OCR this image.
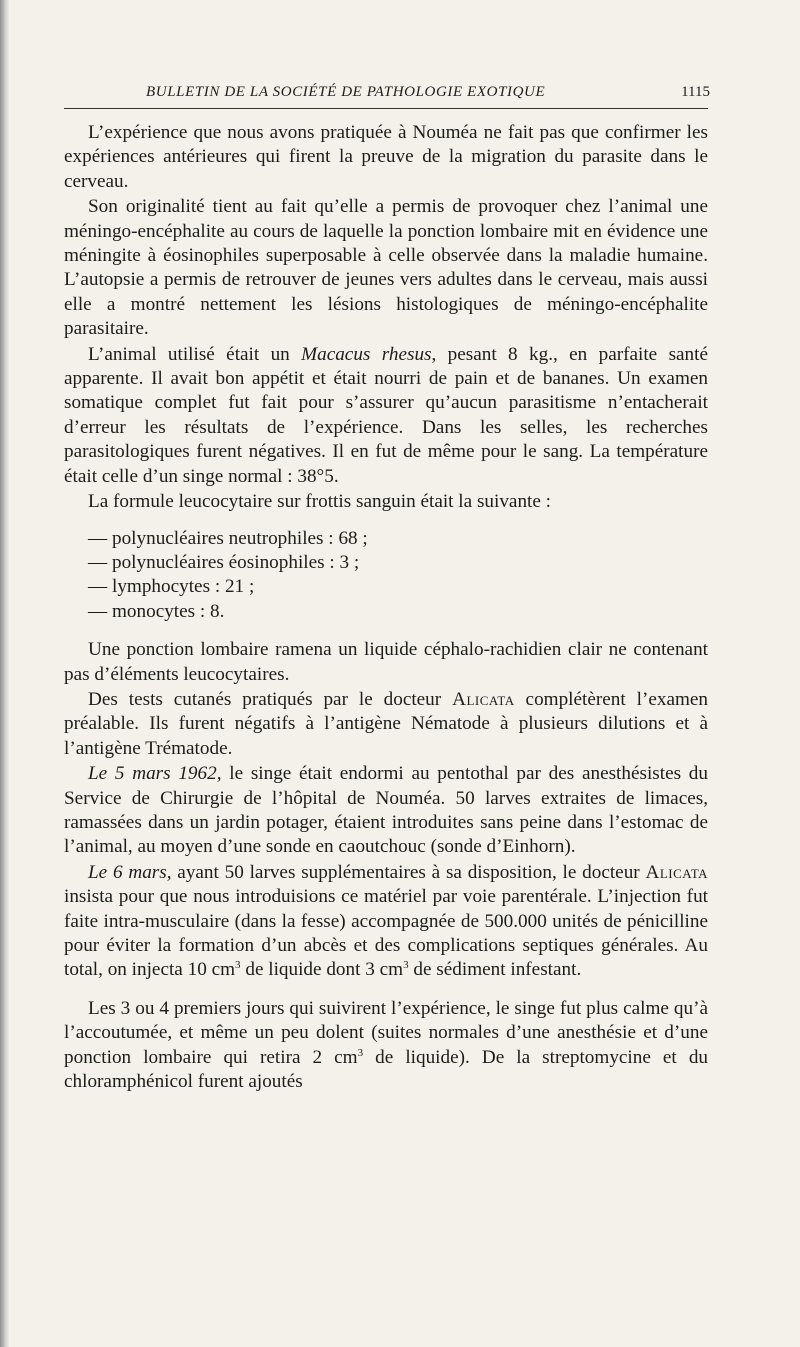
BULLETIN DE LA SOCIÉTÉ DE PATHOLOGIE EXOTIQUE	1115

L’expérience que nous avons pratiquée à Nouméa ne fait pas que confirmer les expériences antérieures qui firent la preuve de la migration du parasite dans le cerveau.

Son originalité tient au fait qu’elle a permis de provoquer chez l’animal une méningo-encéphalite au cours de laquelle la ponction lombaire mit en évidence une méningite à éosinophiles superposable à celle observée dans la maladie humaine. L’autopsie a permis de retrouver de jeunes vers adultes dans le cerveau, mais aussi elle a montré nettement les lésions histologiques de méningo-encéphalite parasitaire.

L’animal utilisé était un Macacus rhesus, pesant 8 kg., en parfaite santé apparente. Il avait bon appétit et était nourri de pain et de bananes. Un examen somatique complet fut fait pour s’assurer qu’aucun parasitisme n’entacherait d’erreur les résultats de l’expérience. Dans les selles, les recherches parasitologiques furent négatives. Il en fut de même pour le sang. La température était celle d’un singe normal : 38°5.

La formule leucocytaire sur frottis sanguin était la suivante :

— polynucléaires neutrophiles : 68 ;
— polynucléaires éosinophiles : 3 ;
— lymphocytes : 21 ;
— monocytes : 8.

Une ponction lombaire ramena un liquide céphalo-rachidien clair ne contenant pas d’éléments leucocytaires.

Des tests cutanés pratiqués par le docteur Alicata complétèrent l’examen préalable. Ils furent négatifs à l’antigène Nématode à plusieurs dilutions et à l’antigène Trématode.

Le 5 mars 1962, le singe était endormi au pentothal par des anesthésistes du Service de Chirurgie de l’hôpital de Nouméa. 50 larves extraites de limaces, ramassées dans un jardin potager, étaient introduites sans peine dans l’estomac de l’animal, au moyen d’une sonde en caoutchouc (sonde d’Einhorn).

Le 6 mars, ayant 50 larves supplémentaires à sa disposition, le docteur Alicata insista pour que nous introduisions ce matériel par voie parentérale. L’injection fut faite intra-musculaire (dans la fesse) accompagnée de 500.000 unités de pénicilline pour éviter la formation d’un abcès et des complications septiques générales. Au total, on injecta 10 $cm^3$ de liquide dont 3 $cm^3$ de sédiment infestant.

Les 3 ou 4 premiers jours qui suivirent l’expérience, le singe fut plus calme qu’à l’accoutumée, et même un peu dolent (suites normales d’une anesthésie et d’une ponction lombaire qui retira 2 $cm^3$ de liquide). De la streptomycine et du chloramphénicol furent ajoutés
